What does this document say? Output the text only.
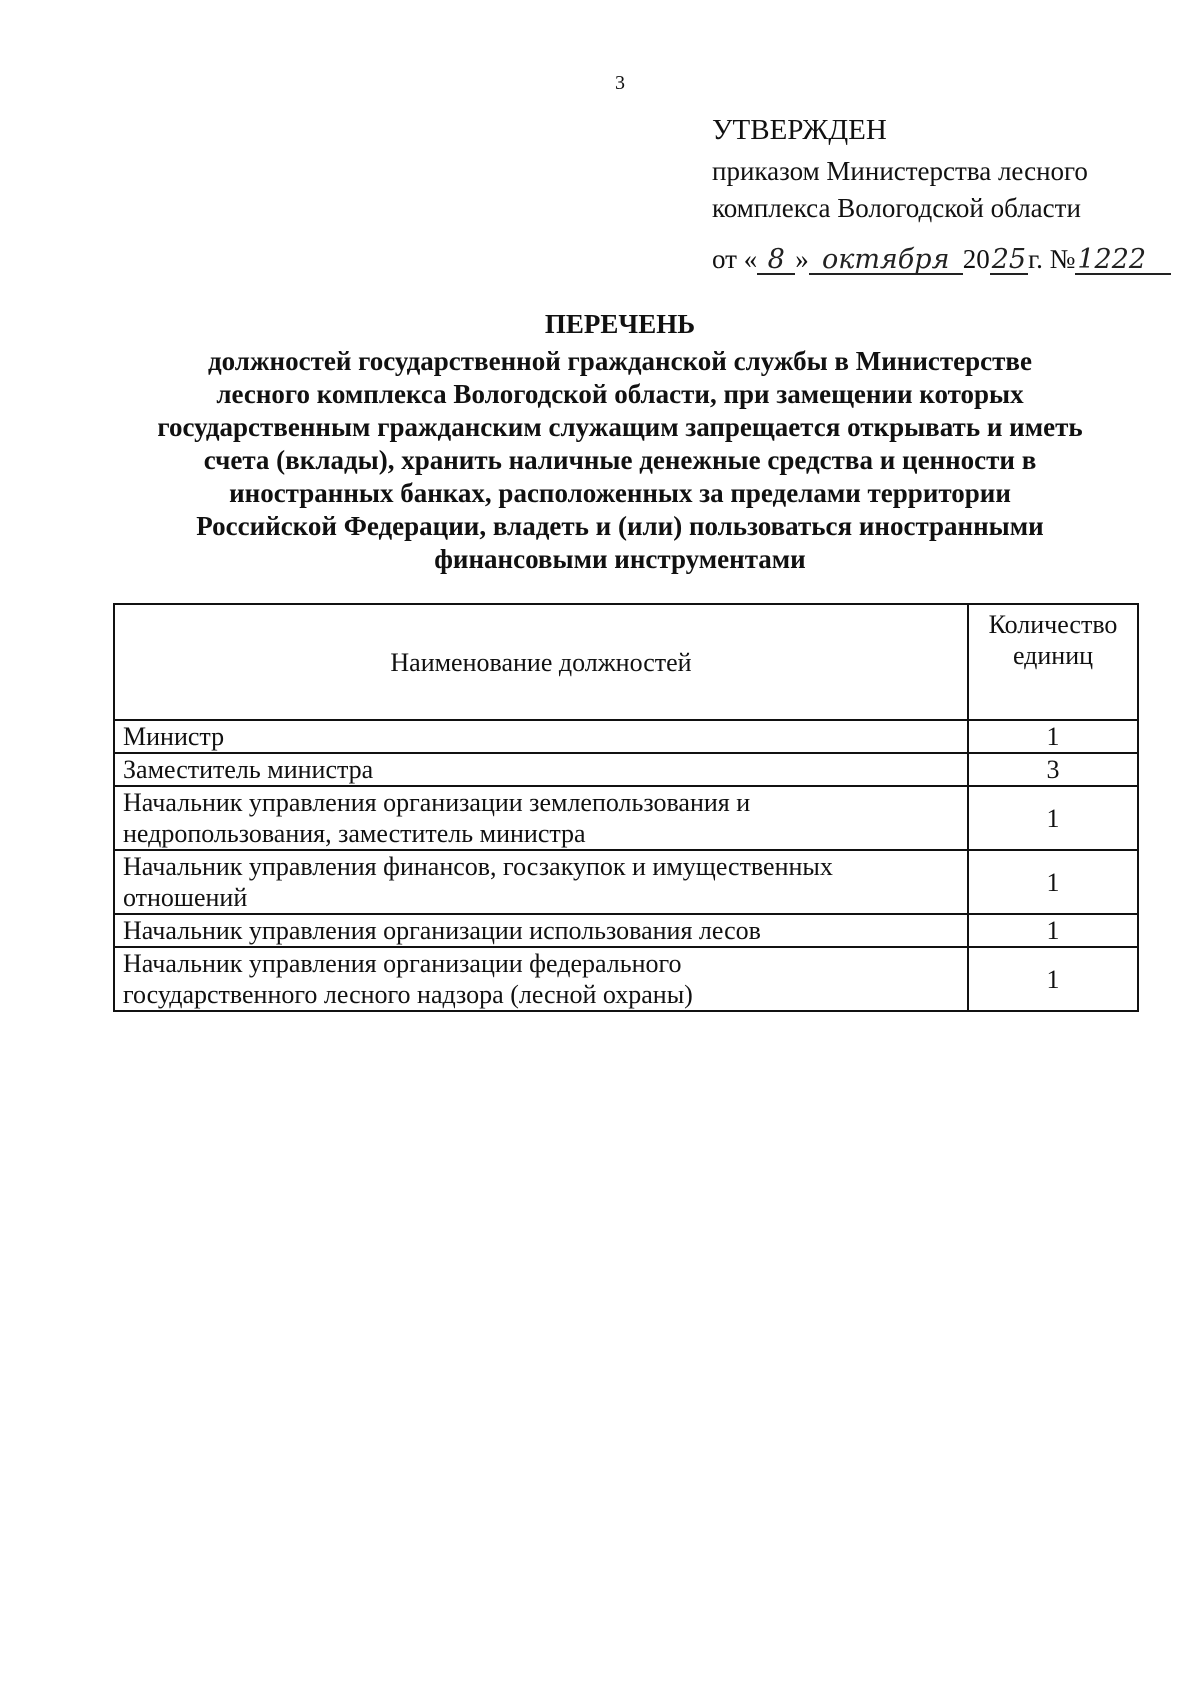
3
УТВЕРЖДЕН
приказом Министерства лесного
комплекса Вологодской области
от « 8 » октября 2025г. №1222
ПЕРЕЧЕНЬ
должностей государственной гражданской службы в Министерстве
лесного комплекса Вологодской области, при замещении которых
государственным гражданским служащим запрещается открывать и иметь
счета (вклады), хранить наличные денежные средства и ценности в
иностранных банках, расположенных за пределами территории
Российской Федерации, владеть и (или) пользоваться иностранными
финансовыми инструментами
Наименование должностей	Количество
единиц

Министр	1

Заместитель министра	3

Начальник управления организации землепользования и
недропользования, заместитель министра	1

Начальник управления финансов, госзакупок и имущественных
отношений	1

Начальник управления организации использования лесов	1

Начальник управления организации федерального
государственного лесного надзора (лесной охраны)	1
